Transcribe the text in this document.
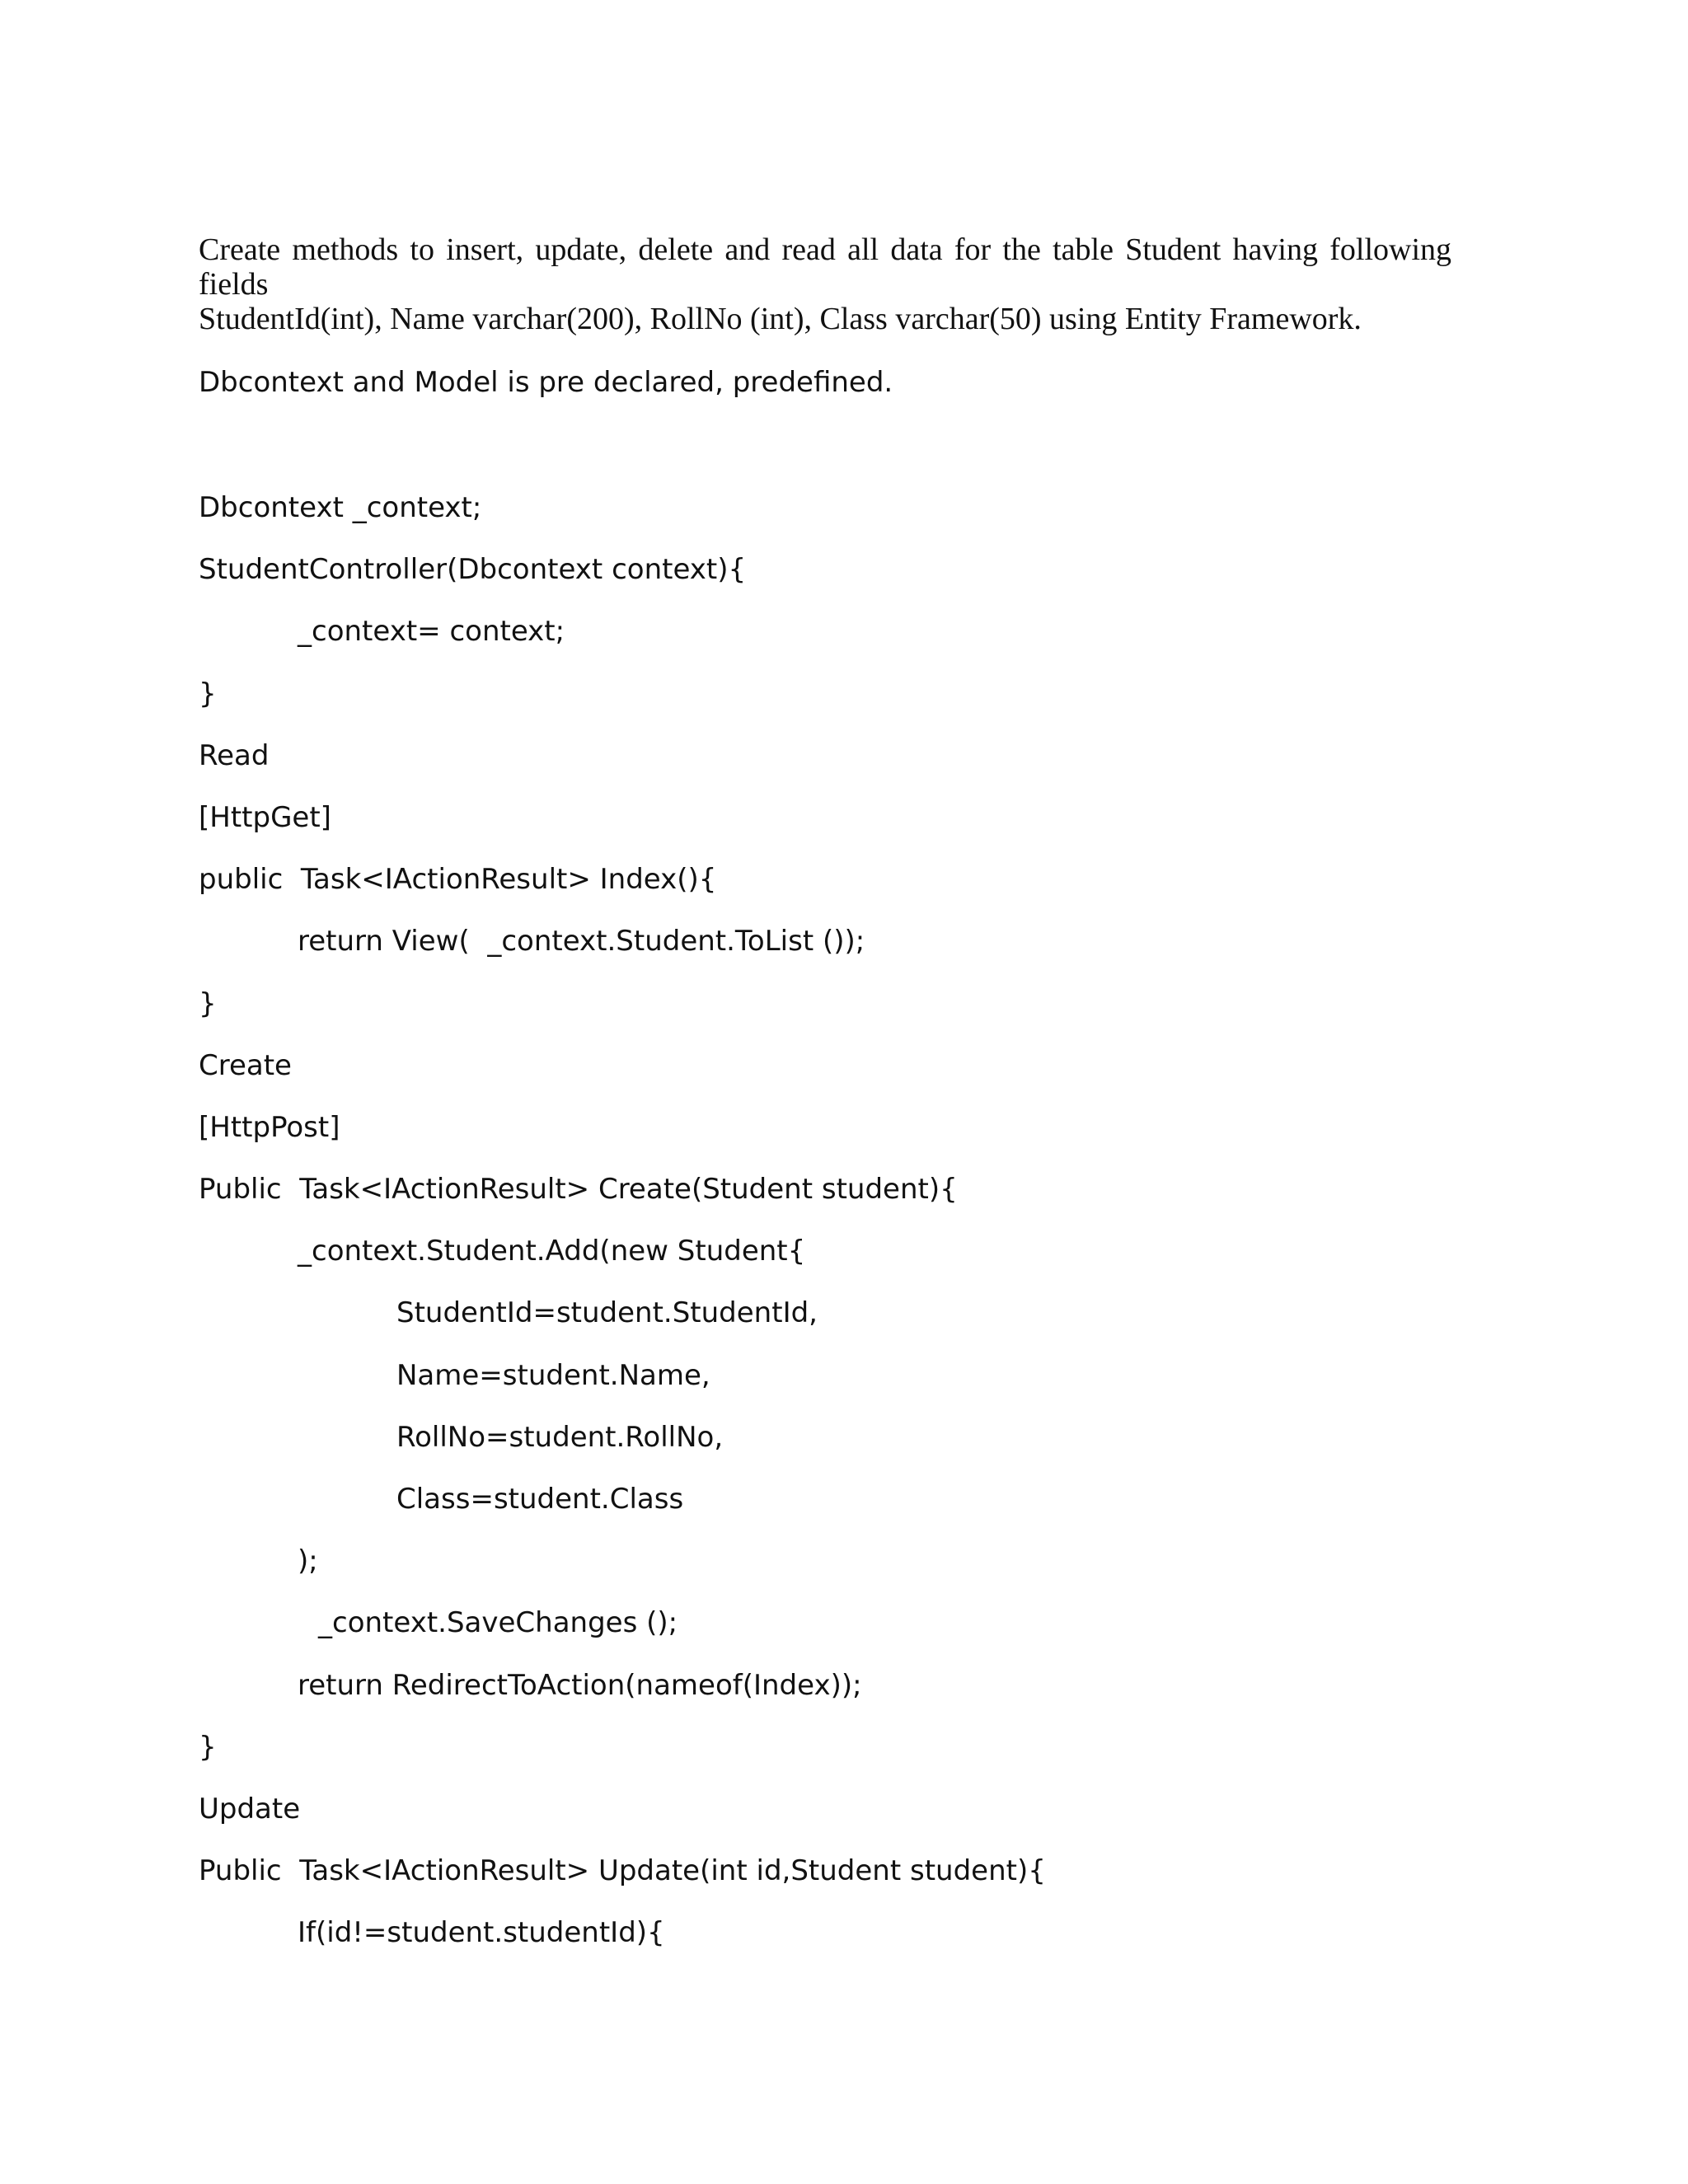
Create methods to insert, update, delete and read all data for the table Student having following fields
StudentId(int), Name varchar(200), RollNo (int), Class varchar(50) using Entity Framework.

Dbcontext and Model is pre declared, predefined.

Dbcontext _context;
StudentController(Dbcontext context){
_context= context;
}
Read
[HttpGet]
public  Task<IActionResult> Index(){
return View(  _context.Student.ToList ());
}
Create
[HttpPost]
Public  Task<IActionResult> Create(Student student){
_context.Student.Add(new Student{
StudentId=student.StudentId,
Name=student.Name,
RollNo=student.RollNo,
Class=student.Class
);
_context.SaveChanges ();
return RedirectToAction(nameof(Index));
}
Update
Public  Task<IActionResult> Update(int id,Student student){
If(id!=student.studentId){
